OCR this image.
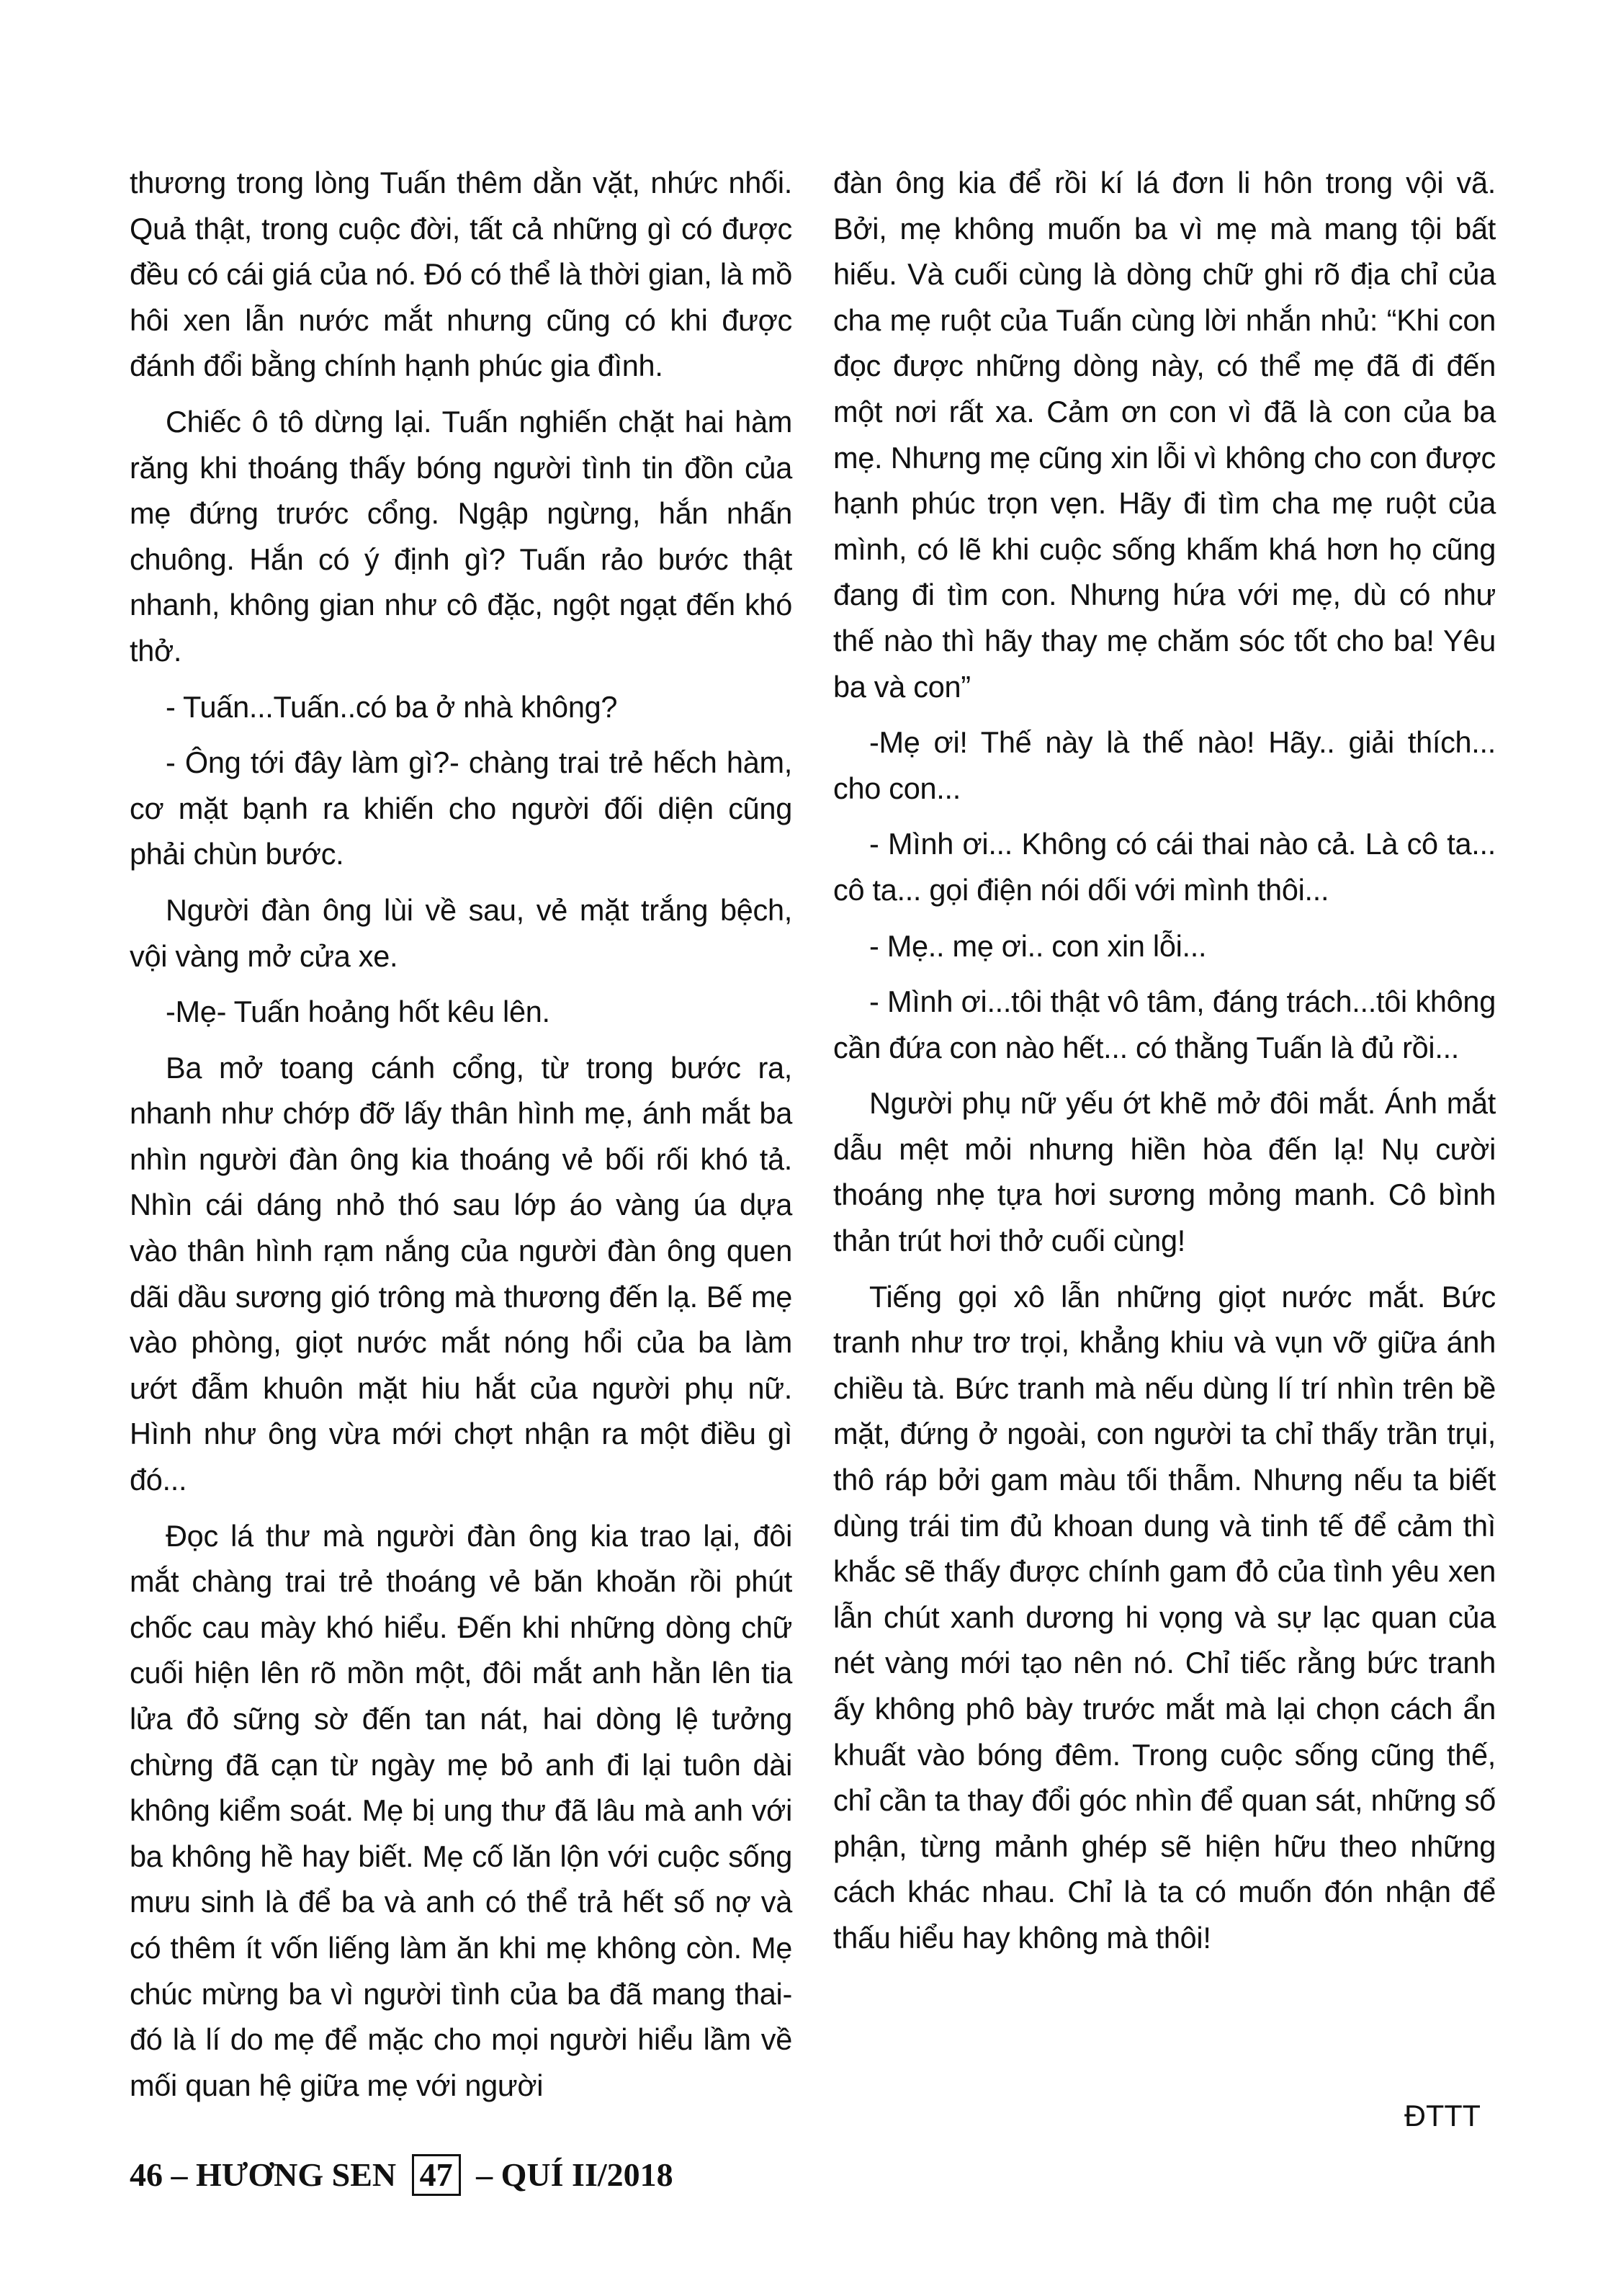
thương trong lòng Tuấn thêm dằn vặt, nhức nhối. Quả thật, trong cuộc đời, tất cả những gì có được đều có cái giá của nó. Đó có thể là thời gian, là mồ hôi xen lẫn nước mắt nhưng cũng có khi được đánh đổi bằng chính hạnh phúc gia đình.

Chiếc ô tô dừng lại. Tuấn nghiến chặt hai hàm răng khi thoáng thấy bóng người tình tin đồn của mẹ đứng trước cổng. Ngập ngừng, hắn nhấn chuông. Hắn có ý định gì? Tuấn rảo bước thật nhanh, không gian như cô đặc, ngột ngạt đến khó thở.

- Tuấn...Tuấn..có ba ở nhà không?

- Ông tới đây làm gì?- chàng trai trẻ hếch hàm, cơ mặt bạnh ra khiến cho người đối diện cũng phải chùn bước.

Người đàn ông lùi về sau, vẻ mặt trắng bệch, vội vàng mở cửa xe.

-Mẹ- Tuấn hoảng hốt kêu lên.

Ba mở toang cánh cổng, từ trong bước ra, nhanh như chớp đỡ lấy thân hình mẹ, ánh mắt ba nhìn người đàn ông kia thoáng vẻ bối rối khó tả. Nhìn cái dáng nhỏ thó sau lớp áo vàng úa dựa vào thân hình rạm nắng của người đàn ông quen dãi dầu sương gió trông mà thương đến lạ. Bế mẹ vào phòng, giọt nước mắt nóng hổi của ba làm ướt đẫm khuôn mặt hiu hắt của người phụ nữ. Hình như ông vừa mới chợt nhận ra một điều gì đó...

Đọc lá thư mà người đàn ông kia trao lại, đôi mắt chàng trai trẻ thoáng vẻ băn khoăn rồi phút chốc cau mày khó hiểu. Đến khi những dòng chữ cuối hiện lên rõ mồn một, đôi mắt anh hằn lên tia lửa đỏ sững sờ đến tan nát, hai dòng lệ tưởng chừng đã cạn từ ngày mẹ bỏ anh đi lại tuôn dài không kiểm soát. Mẹ bị ung thư đã lâu mà anh với ba không hề hay biết. Mẹ cố lăn lộn với cuộc sống mưu sinh là để ba và anh có thể trả hết số nợ và có thêm ít vốn liếng làm ăn khi mẹ không còn. Mẹ chúc mừng ba vì người tình của ba đã mang thai-đó là lí do mẹ để mặc cho mọi người hiểu lầm về mối quan hệ giữa mẹ với người

đàn ông kia để rồi kí lá đơn li hôn trong vội vã. Bởi, mẹ không muốn ba vì mẹ mà mang tội bất hiếu. Và cuối cùng là dòng chữ ghi rõ địa chỉ của cha mẹ ruột của Tuấn cùng lời nhắn nhủ: “Khi con đọc được những dòng này, có thể mẹ đã đi đến một nơi rất xa. Cảm ơn con vì đã là con của ba mẹ. Nhưng mẹ cũng xin lỗi vì không cho con được hạnh phúc trọn vẹn. Hãy đi tìm cha mẹ ruột của mình, có lẽ khi cuộc sống khấm khá hơn họ cũng đang đi tìm con. Nhưng hứa với mẹ, dù có như thế nào thì hãy thay mẹ chăm sóc tốt cho ba! Yêu ba và con”

-Mẹ ơi! Thế này là thế nào! Hãy.. giải thích... cho con...

- Mình ơi... Không có cái thai nào cả. Là cô ta... cô ta... gọi điện nói dối với mình thôi...

- Mẹ.. mẹ ơi.. con xin lỗi...

- Mình ơi...tôi thật vô tâm, đáng trách...tôi không cần đứa con nào hết... có thằng Tuấn là đủ rồi...

Người phụ nữ yếu ớt khẽ mở đôi mắt. Ánh mắt dẫu mệt mỏi nhưng hiền hòa đến lạ! Nụ cười thoáng nhẹ tựa hơi sương mỏng manh. Cô bình thản trút hơi thở cuối cùng!

Tiếng gọi xô lẫn những giọt nước mắt. Bức tranh như trơ trọi, khẳng khiu và vụn vỡ giữa ánh chiều tà. Bức tranh mà nếu dùng lí trí nhìn trên bề mặt, đứng ở ngoài, con người ta chỉ thấy trần trụi, thô ráp bởi gam màu tối thẫm. Nhưng nếu ta biết dùng trái tim đủ khoan dung và tinh tế để cảm thì khắc sẽ thấy được chính gam đỏ của tình yêu xen lẫn chút xanh dương hi vọng và sự lạc quan của nét vàng mới tạo nên nó. Chỉ tiếc rằng bức tranh ấy không phô bày trước mắt mà lại chọn cách ẩn khuất vào bóng đêm. Trong cuộc sống cũng thế, chỉ cần ta thay đổi góc nhìn để quan sát, những số phận, từng mảnh ghép sẽ hiện hữu theo những cách khác nhau. Chỉ là ta có muốn đón nhận để thấu hiểu hay không mà thôi!

ĐTTT
46 – HƯƠNG SEN 47 – QUÍ II/2018
